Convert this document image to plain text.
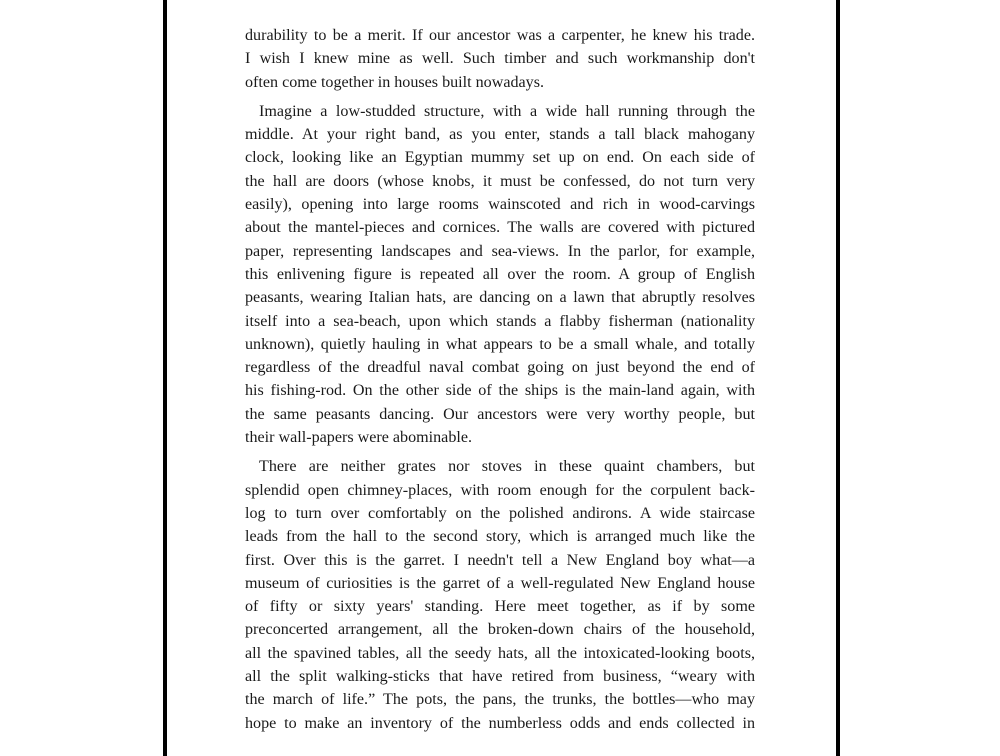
durability to be a merit. If our ancestor was a carpenter, he knew his trade.
I wish I knew mine as well. Such timber and such workmanship don't
often come together in houses built nowadays.

Imagine a low-studded structure, with a wide hall running through the
middle. At your right band, as you enter, stands a tall black mahogany
clock, looking like an Egyptian mummy set up on end. On each side of
the hall are doors (whose knobs, it must be confessed, do not turn very
easily), opening into large rooms wainscoted and rich in wood-carvings
about the mantel-pieces and cornices. The walls are covered with pictured
paper, representing landscapes and sea-views. In the parlor, for example,
this enlivening figure is repeated all over the room. A group of English
peasants, wearing Italian hats, are dancing on a lawn that abruptly resolves
itself into a sea-beach, upon which stands a flabby fisherman (nationality
unknown), quietly hauling in what appears to be a small whale, and totally
regardless of the dreadful naval combat going on just beyond the end of
his fishing-rod. On the other side of the ships is the main-land again, with
the same peasants dancing. Our ancestors were very worthy people, but
their wall-papers were abominable.

There are neither grates nor stoves in these quaint chambers, but
splendid open chimney-places, with room enough for the corpulent back-
log to turn over comfortably on the polished andirons. A wide staircase
leads from the hall to the second story, which is arranged much like the
first. Over this is the garret. I needn't tell a New England boy what—a
museum of curiosities is the garret of a well-regulated New England house
of fifty or sixty years' standing. Here meet together, as if by some
preconcerted arrangement, all the broken-down chairs of the household,
all the spavined tables, all the seedy hats, all the intoxicated-looking boots,
all the split walking-sticks that have retired from business, “weary with
the march of life.” The pots, the pans, the trunks, the bottles—who may
hope to make an inventory of the numberless odds and ends collected in
